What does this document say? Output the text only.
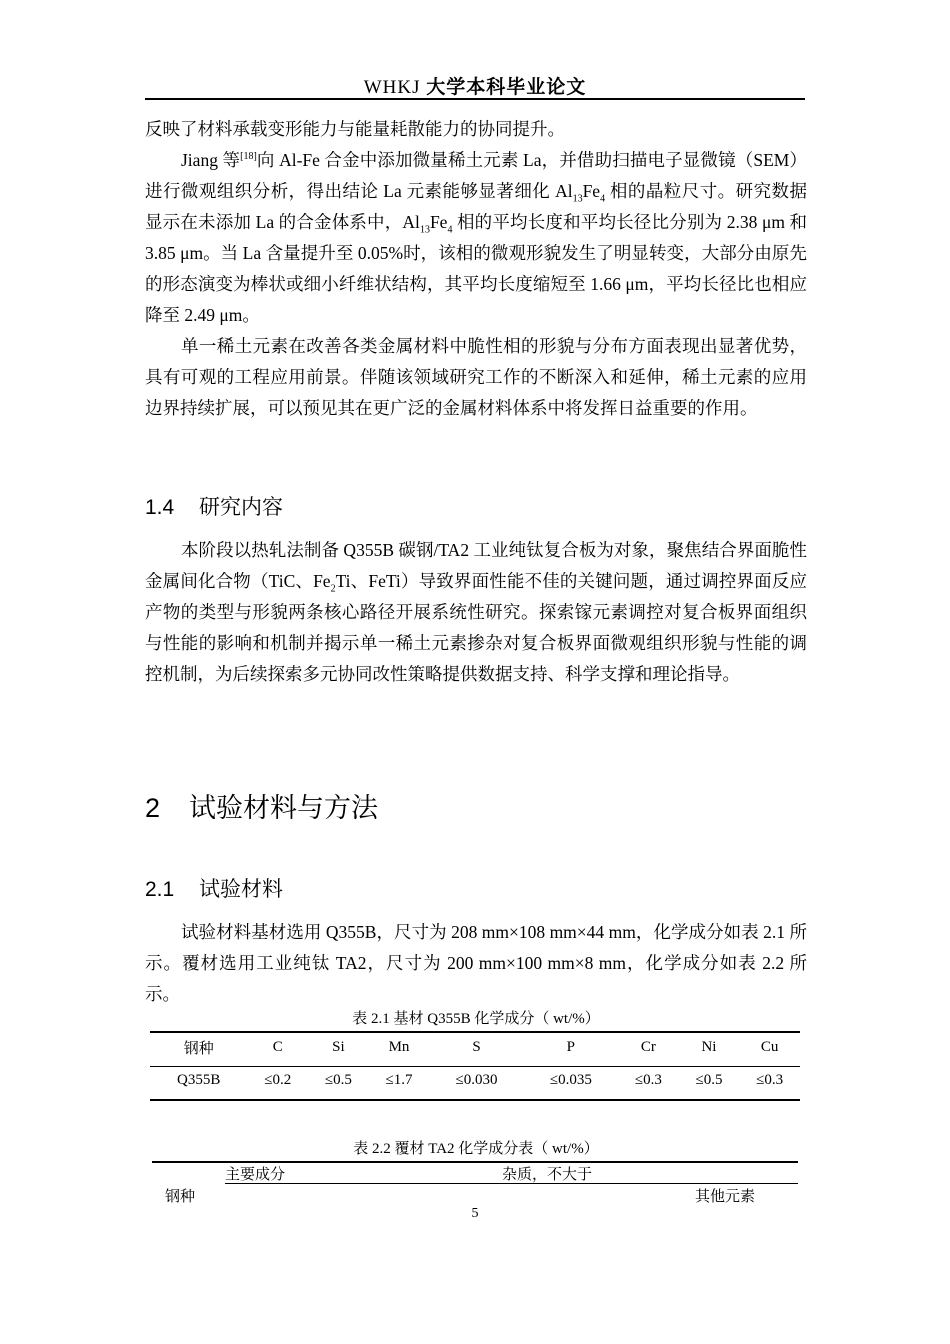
WHKJ 大学本科毕业论文

反映了材料承载变形能力与能量耗散能力的协同提升。

Jiang 等[18]向 Al-Fe 合金中添加微量稀土元素 La，并借助扫描电子显微镜（SEM）进行微观组织分析，得出结论 La 元素能够显著细化 $Al_{13}Fe_4$ 相的晶粒尺寸。研究数据显示在未添加 La 的合金体系中，$Al_{13}Fe_4$ 相的平均长度和平均长径比分别为 2.38 μm 和 3.85 μm。当 La 含量提升至 0.05%时，该相的微观形貌发生了明显转变，大部分由原先的形态演变为棒状或细小纤维状结构，其平均长度缩短至 1.66 μm，平均长径比也相应降至 2.49 μm。

单一稀土元素在改善各类金属材料中脆性相的形貌与分布方面表现出显著优势，具有可观的工程应用前景。伴随该领域研究工作的不断深入和延伸，稀土元素的应用边界持续扩展，可以预见其在更广泛的金属材料体系中将发挥日益重要的作用。

1.4 研究内容

本阶段以热轧法制备 Q355B 碳钢/TA2 工业纯钛复合板为对象，聚焦结合界面脆性金属间化合物（TiC、$Fe_2Ti$、FeTi）导致界面性能不佳的关键问题，通过调控界面反应产物的类型与形貌两条核心路径开展系统性研究。探索镓元素调控对复合板界面组织与性能的影响和机制并揭示单一稀土元素掺杂对复合板界面微观组织形貌与性能的调控机制，为后续探索多元协同改性策略提供数据支持、科学支撑和理论指导。

2 试验材料与方法
2.1 试验材料

试验材料基材选用 Q355B，尺寸为 208 mm×108 mm×44 mm，化学成分如表 2.1 所示。覆材选用工业纯钛 TA2，尺寸为 200 mm×100 mm×8 mm，化学成分如表 2.2 所示。

表 2.1 基材 Q355B 化学成分（ wt/%）
钢种	C	Si	Mn	S	P	Cr	Ni	Cu
Q355B	≤0.2	≤0.5	≤1.7	≤0.030	≤0.035	≤0.3	≤0.5	≤0.3
表 2.2 覆材 TA2 化学成分表（ wt/%）
主要成分	杂质，不大于
钢种	其他元素
5
